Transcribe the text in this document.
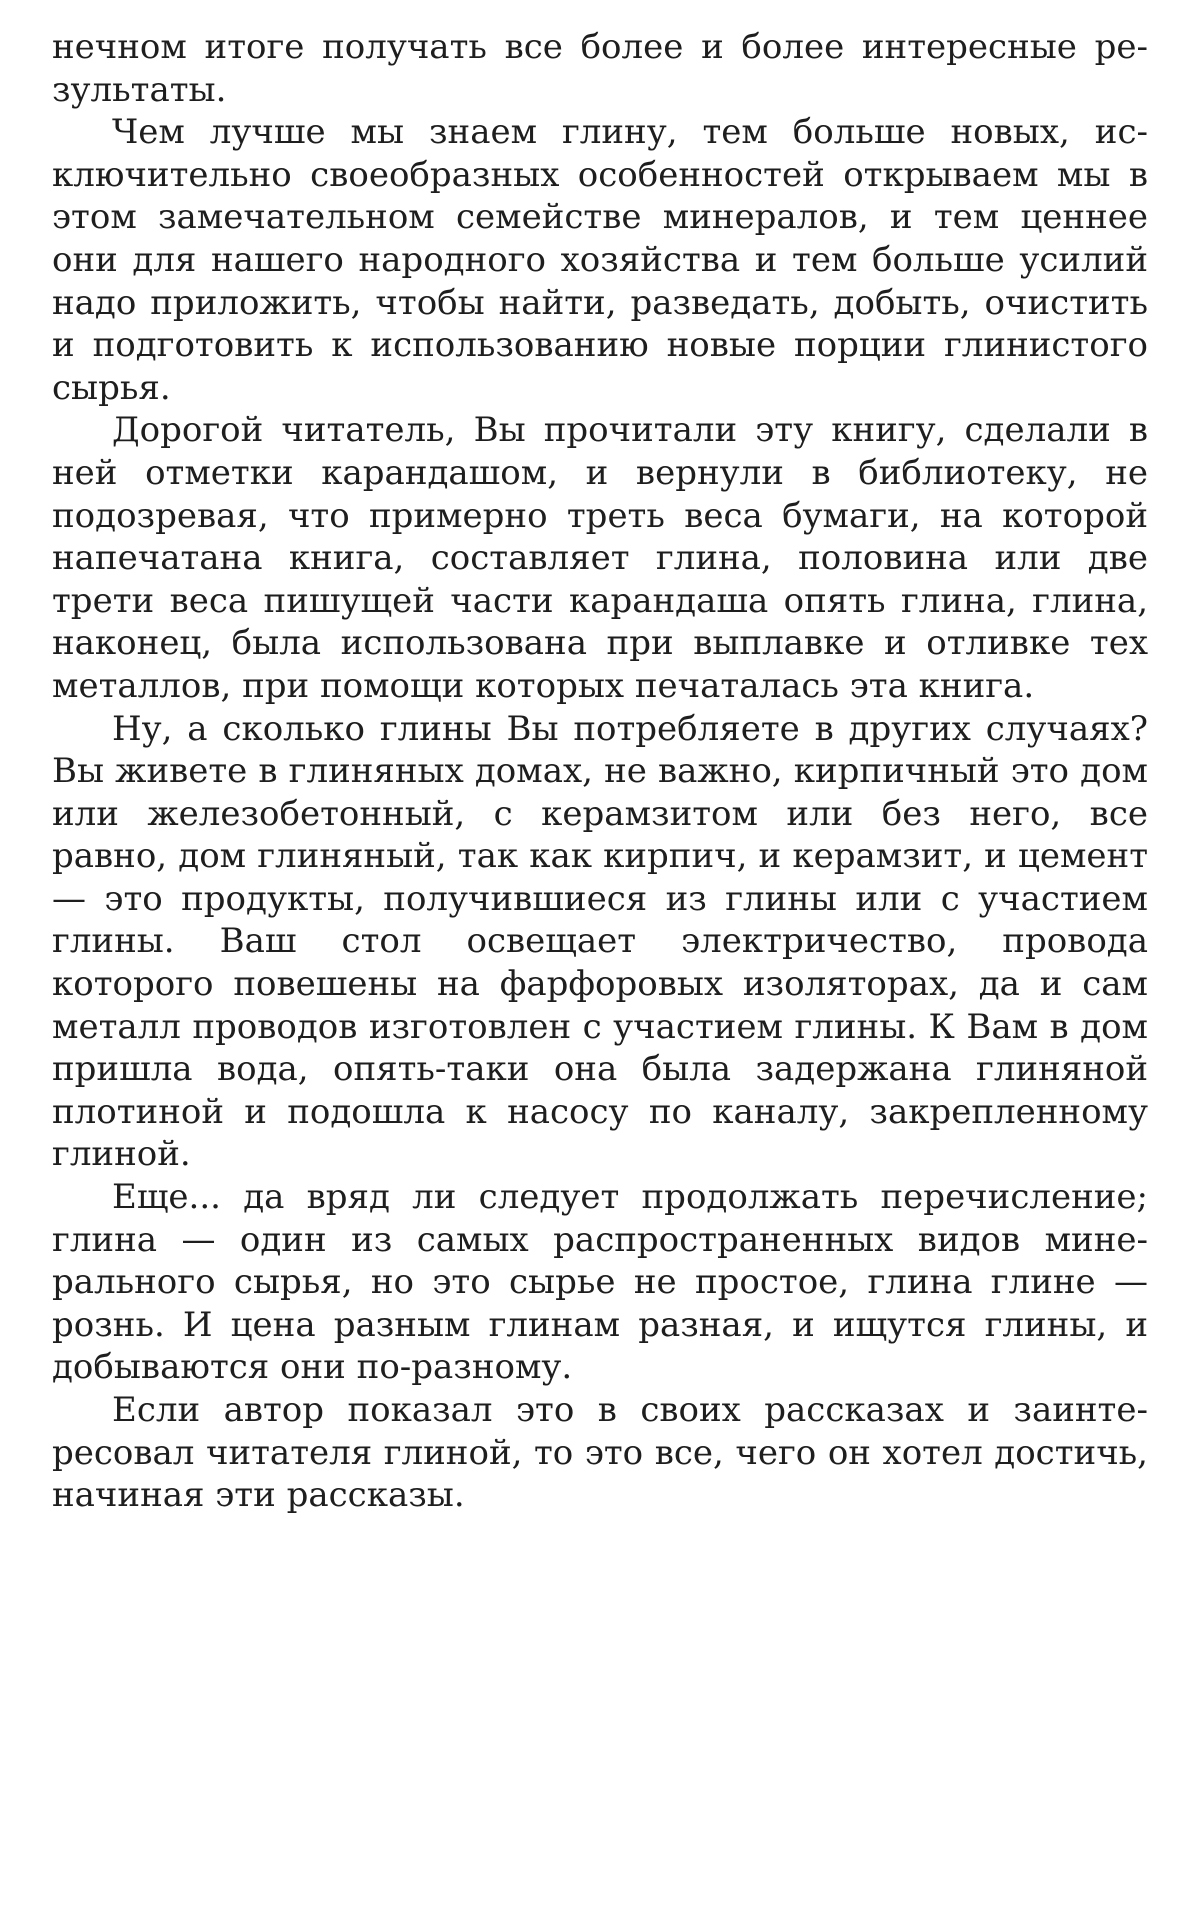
нечном итоге получать все более и более интересные результаты.

Чем лучше мы знаем глину, тем больше новых, исключительно своеобразных особенностей открываем мы в этом замечательном семействе минералов, и тем ценнее они для нашего народного хозяйства и тем больше усилий надо приложить, чтобы найти, разведать, добыть, очистить и подготовить к использованию новые порции глинистого сырья.

Дорогой читатель, Вы прочитали эту книгу, сделали в ней отметки карандашом, и вернули в библиотеку, не подозревая, что примерно треть веса бумаги, на которой напечатана книга, составляет глина, половина или две трети веса пишущей части карандаша опять глина, глина, наконец, была использована при выплавке и отливке тех металлов, при помощи которых печаталась эта книга.

Ну, а сколько глины Вы потребляете в других случаях? Вы живете в глиняных домах, не важно, кирпичный это дом или железобетонный, с керамзитом или без него, все равно, дом глиняный, так как кирпич, и керамзит, и цемент — это продукты, получившиеся из глины или с участием глины. Ваш стол освещает электричество, провода которого повешены на фарфоровых изоляторах, да и сам металл проводов изготовлен с участием глины. К Вам в дом пришла вода, опять-таки она была задержана глиняной плотиной и подошла к насосу по каналу, закрепленному глиной.

Еще... да вряд ли следует продолжать перечисление; глина — один из самых распространенных видов минерального сырья, но это сырье не простое, глина глине — рознь. И цена разным глинам разная, и ищутся глины, и добываются они по-разному.

Если автор показал это в своих рассказах и заинтересовал читателя глиной, то это все, чего он хотел достичь, начиная эти рассказы.
